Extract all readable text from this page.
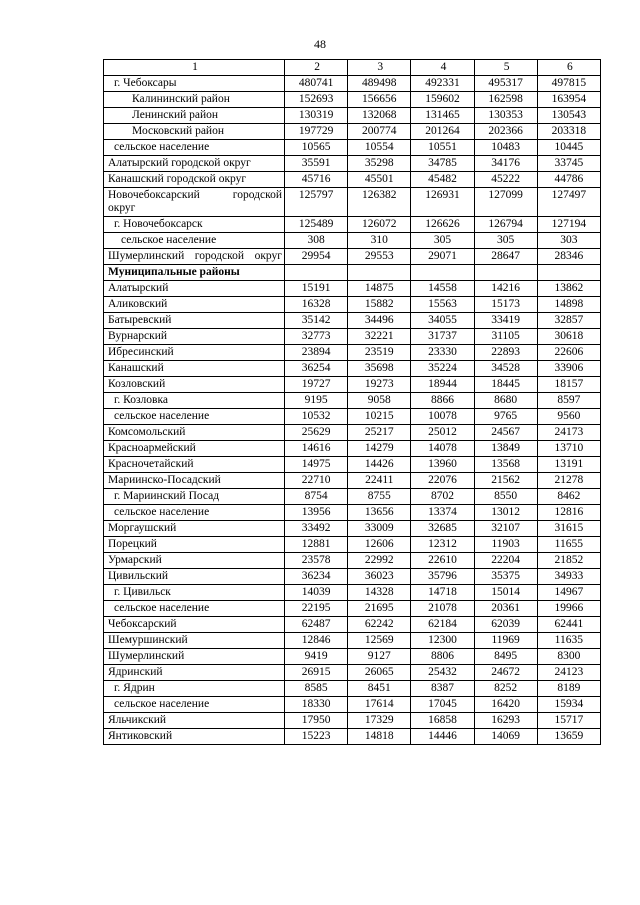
48
1	2	3	4	5	6
г. Чебоксары	480741	489498	492331	495317	497815
Калининский район	152693	156656	159602	162598	163954
Ленинский район	130319	132068	131465	130353	130543
Московский район	197729	200774	201264	202366	203318
сельское население	10565	10554	10551	10483	10445
Алатырский городской округ	35591	35298	34785	34176	33745
Канашский городской округ	45716	45501	45482	45222	44786
Новочебоксарский городской округ	125797	126382	126931	127099	127497
г. Новочебоксарск	125489	126072	126626	126794	127194
сельское население	308	310	305	305	303
Шумерлинский городской округ	29954	29553	29071	28647	28346
Муниципальные районы					
Алатырский	15191	14875	14558	14216	13862
Аликовский	16328	15882	15563	15173	14898
Батыревский	35142	34496	34055	33419	32857
Вурнарский	32773	32221	31737	31105	30618
Ибресинский	23894	23519	23330	22893	22606
Канашский	36254	35698	35224	34528	33906
Козловский	19727	19273	18944	18445	18157
г. Козловка	9195	9058	8866	8680	8597
сельское население	10532	10215	10078	9765	9560
Комсомольский	25629	25217	25012	24567	24173
Красноармейский	14616	14279	14078	13849	13710
Красночетайский	14975	14426	13960	13568	13191
Мариинско-Посадский	22710	22411	22076	21562	21278
г. Мариинский Посад	8754	8755	8702	8550	8462
сельское население	13956	13656	13374	13012	12816
Моргаушский	33492	33009	32685	32107	31615
Порецкий	12881	12606	12312	11903	11655
Урмарский	23578	22992	22610	22204	21852
Цивильский	36234	36023	35796	35375	34933
г. Цивильск	14039	14328	14718	15014	14967
сельское население	22195	21695	21078	20361	19966
Чебоксарский	62487	62242	62184	62039	62441
Шемуршинский	12846	12569	12300	11969	11635
Шумерлинский	9419	9127	8806	8495	8300
Ядринский	26915	26065	25432	24672	24123
г. Ядрин	8585	8451	8387	8252	8189
сельское население	18330	17614	17045	16420	15934
Яльчикский	17950	17329	16858	16293	15717
Янтиковский	15223	14818	14446	14069	13659
